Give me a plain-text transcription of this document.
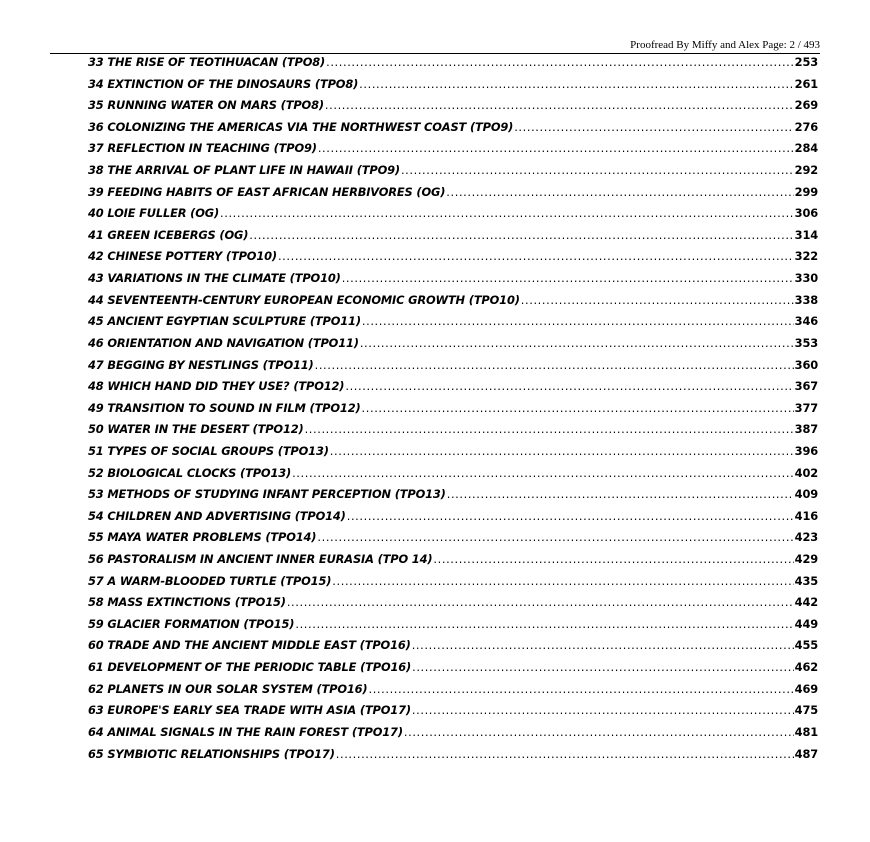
Proofread By Miffy and Alex Page: 2 / 493
33 THE RISE OF TEOTIHUACAN (TPO8) .....	253
34 EXTINCTION OF THE DINOSAURS (TPO8) .....	261
35 RUNNING WATER ON MARS (TPO8) .....	269
36 COLONIZING THE AMERICAS VIA THE NORTHWEST COAST (TPO9) .....	276
37 REFLECTION IN TEACHING (TPO9) .....	284
38 THE ARRIVAL OF PLANT LIFE IN HAWAII (TPO9) .....	292
39 FEEDING HABITS OF EAST AFRICAN HERBIVORES (OG) .....	299
40 LOIE FULLER (OG) .....	306
41 GREEN ICEBERGS (OG) .....	314
42 CHINESE POTTERY (TPO10) .....	322
43 VARIATIONS IN THE CLIMATE (TPO10) .....	330
44 SEVENTEENTH-CENTURY EUROPEAN ECONOMIC GROWTH (TPO10) .....	338
45 ANCIENT EGYPTIAN SCULPTURE (TPO11) .....	346
46 ORIENTATION AND NAVIGATION (TPO11) .....	353
47 BEGGING BY NESTLINGS (TPO11) .....	360
48 WHICH HAND DID THEY USE? (TPO12) .....	367
49 TRANSITION TO SOUND IN FILM (TPO12) .....	377
50 WATER IN THE DESERT (TPO12) .....	387
51 TYPES OF SOCIAL GROUPS (TPO13) .....	396
52 BIOLOGICAL CLOCKS (TPO13) .....	402
53 METHODS OF STUDYING INFANT PERCEPTION (TPO13) .....	409
54 CHILDREN AND ADVERTISING (TPO14) .....	416
55 MAYA WATER PROBLEMS (TPO14) .....	423
56 PASTORALISM IN ANCIENT INNER EURASIA (TPO 14) .....	429
57 A WARM-BLOODED TURTLE (TPO15) .....	435
58 MASS EXTINCTIONS (TPO15) .....	442
59 GLACIER FORMATION (TPO15) .....	449
60 TRADE AND THE ANCIENT MIDDLE EAST (TPO16) .....	455
61 DEVELOPMENT OF THE PERIODIC TABLE (TPO16) .....	462
62 PLANETS IN OUR SOLAR SYSTEM (TPO16) .....	469
63 EUROPE'S EARLY SEA TRADE WITH ASIA (TPO17) .....	475
64 ANIMAL SIGNALS IN THE RAIN FOREST (TPO17) .....	481
65 SYMBIOTIC RELATIONSHIPS (TPO17) .....	487
